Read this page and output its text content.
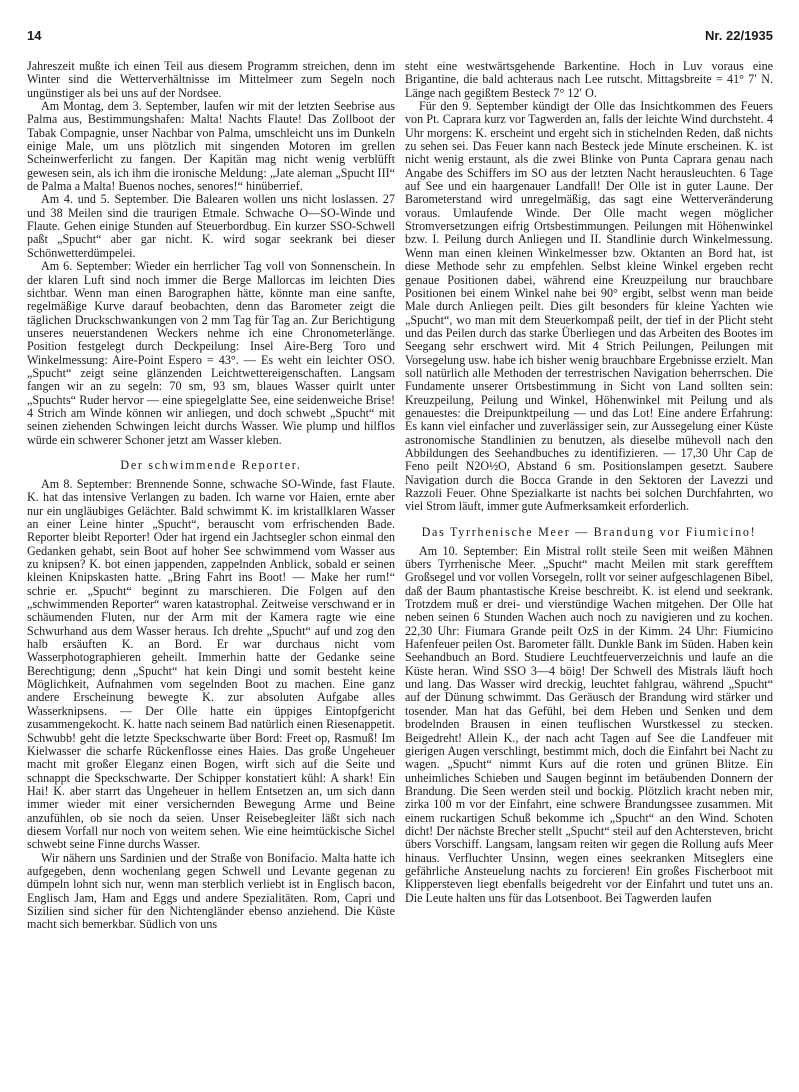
14	Nr. 22/1935

Jahreszeit mußte ich einen Teil aus diesem Programm streichen, denn im Winter sind die Wetterverhältnisse im Mittelmeer zum Segeln noch ungünstiger als bei uns auf der Nordsee.

Am Montag, dem 3. September, laufen wir mit der letzten Seebrise aus Palma aus, Bestimmungshafen: Malta! Nachts Flaute! Das Zollboot der Tabak Compagnie, unser Nachbar von Palma, umschleicht uns im Dunkeln einige Male, um uns plötzlich mit singenden Motoren im grellen Scheinwerferlicht zu fangen. Der Kapitän mag nicht wenig verblüfft gewesen sein, als ich ihm die ironische Meldung: „Jate aleman „Spucht III“ de Palma a Malta! Buenos noches, senores!“ hinüberrief.

Am 4. und 5. September. Die Balearen wollen uns nicht loslassen. 27 und 38 Meilen sind die traurigen Etmale. Schwache O—SO-Winde und Flaute. Gehen einige Stunden auf Steuerbordbug. Ein kurzer SSO-Schwell paßt „Spucht“ aber gar nicht. K. wird sogar seekrank bei dieser Schönwetterdümpelei.

Am 6. September: Wieder ein herrlicher Tag voll von Sonnenschein. In der klaren Luft sind noch immer die Berge Mallorcas im leichten Dies sichtbar. Wenn man einen Barographen hätte, könnte man eine sanfte, regelmäßige Kurve darauf beobachten, denn das Barometer zeigt die täglichen Druckschwankungen von 2 mm Tag für Tag an. Zur Berichtigung unseres neuerstandenen Weckers nehme ich eine Chronometerlänge. Position festgelegt durch Deckpeilung: Insel Aire-Berg Toro und Winkelmessung: Aire-Point Espero = 43°. — Es weht ein leichter OSO. „Spucht“ zeigt seine glänzenden Leichtwettereigenschaften. Langsam fangen wir an zu segeln: 70 sm, 93 sm, blaues Wasser quirlt unter „Spuchts“ Ruder hervor — eine spiegelglatte See, eine seidenweiche Brise! 4 Strich am Winde können wir anliegen, und doch schwebt „Spucht“ mit seinen ziehenden Schwingen leicht durchs Wasser. Wie plump und hilflos würde ein schwerer Schoner jetzt am Wasser kleben.

Der schwimmende Reporter.

Am 8. September: Brennende Sonne, schwache SO-Winde, fast Flaute. K. hat das intensive Verlangen zu baden. Ich warne vor Haien, ernte aber nur ein ungläubiges Gelächter. Bald schwimmt K. im kristallklaren Wasser an einer Leine hinter „Spucht“, berauscht vom erfrischenden Bade. Reporter bleibt Reporter! Oder hat irgend ein Jachtsegler schon einmal den Gedanken gehabt, sein Boot auf hoher See schwimmend vom Wasser aus zu knipsen? K. bot einen jappenden, zappelnden Anblick, sobald er seinen kleinen Knipskasten hatte. „Bring Fahrt ins Boot! — Make her rum!“ schrie er. „Spucht“ beginnt zu marschieren. Die Folgen auf den „schwimmenden Reporter“ waren katastrophal. Zeitweise verschwand er in schäumenden Fluten, nur der Arm mit der Kamera ragte wie eine Schwurhand aus dem Wasser heraus. Ich drehte „Spucht“ auf und zog den halb ersäuften K. an Bord. Er war durchaus nicht vom Wasserphotographieren geheilt. Immerhin hatte der Gedanke seine Berechtigung; denn „Spucht“ hat kein Dingi und somit besteht keine Möglichkeit, Aufnahmen vom segelnden Boot zu machen. Eine ganz andere Erscheinung bewegte K. zur absoluten Aufgabe alles Wasserknipsens. — Der Olle hatte ein üppiges Eintopfgericht zusammengekocht. K. hatte nach seinem Bad natürlich einen Riesenappetit. Schwubb! geht die letzte Speckschwarte über Bord: Freet op, Rasmuß! Im Kielwasser die scharfe Rückenflosse eines Haies. Das große Ungeheuer macht mit großer Eleganz einen Bogen, wirft sich auf die Seite und schnappt die Speckschwarte. Der Schipper konstatiert kühl: A shark! Ein Hai! K. aber starrt das Ungeheuer in hellem Entsetzen an, um sich dann immer wieder mit einer versichernden Bewegung Arme und Beine anzufühlen, ob sie noch da seien. Unser Reisebegleiter läßt sich nach diesem Vorfall nur noch von weitem sehen. Wie eine heimtückische Sichel schwebt seine Finne durchs Wasser.

Wir nähern uns Sardinien und der Straße von Bonifacio. Malta hatte ich aufgegeben, denn wochenlang gegen Schwell und Levante gegenan zu dümpeln lohnt sich nur, wenn man sterblich verliebt ist in Englisch bacon, Englisch Jam, Ham and Eggs und andere Spezialitäten. Rom, Capri und Sizilien sind sicher für den Nichtengländer ebenso anziehend. Die Küste macht sich bemerkbar. Südlich von uns

steht eine westwärtsgehende Barkentine. Hoch in Luv voraus eine Brigantine, die bald achteraus nach Lee rutscht. Mittagsbreite = 41° 7′ N. Länge nach gegißtem Besteck 7° 12′ O.

Für den 9. September kündigt der Olle das Insichtkommen des Feuers von Pt. Caprara kurz vor Tagwerden an, falls der leichte Wind durchsteht. 4 Uhr morgens: K. erscheint und ergeht sich in stichelnden Reden, daß nichts zu sehen sei. Das Feuer kann nach Besteck jede Minute erscheinen. K. ist nicht wenig erstaunt, als die zwei Blinke von Punta Caprara genau nach Angabe des Schiffers im SO aus der letzten Nacht herausleuchten. 6 Tage auf See und ein haargenauer Landfall! Der Olle ist in guter Laune. Der Barometerstand wird unregelmäßig, das sagt eine Wetterveränderung voraus. Umlaufende Winde. Der Olle macht wegen möglicher Stromversetzungen eifrig Ortsbestimmungen. Peilungen mit Höhenwinkel bzw. I. Peilung durch Anliegen und II. Standlinie durch Winkelmessung. Wenn man einen kleinen Winkelmesser bzw. Oktanten an Bord hat, ist diese Methode sehr zu empfehlen. Selbst kleine Winkel ergeben recht genaue Positionen dabei, während eine Kreuzpeilung nur brauchbare Positionen bei einem Winkel nahe bei 90° ergibt, selbst wenn man beide Male durch Anliegen peilt. Dies gilt besonders für kleine Yachten wie „Spucht“, wo man mit dem Steuerkompaß peilt, der tief in der Plicht steht und das Peilen durch das starke Überliegen und das Arbeiten des Bootes im Seegang sehr erschwert wird. Mit 4 Strich Peilungen, Peilungen mit Vorsegelung usw. habe ich bisher wenig brauchbare Ergebnisse erzielt. Man soll natürlich alle Methoden der terrestrischen Navigation beherrschen. Die Fundamente unserer Ortsbestimmung in Sicht von Land sollten sein: Kreuzpeilung, Peilung und Winkel, Höhenwinkel mit Peilung und als genauestes: die Dreipunktpeilung — und das Lot! Eine andere Erfahrung: Es kann viel einfacher und zuverlässiger sein, zur Aussegelung einer Küste astronomische Standlinien zu benutzen, als dieselbe mühevoll nach den Abbildungen des Seehandbuches zu identifizieren. — 17,30 Uhr Cap de Feno peilt N2O½O, Abstand 6 sm. Positionslampen gesetzt. Saubere Navigation durch die Bocca Grande in den Sektoren der Lavezzi und Razzoli Feuer. Ohne Spezialkarte ist nachts bei solchen Durchfahrten, wo viel Strom läuft, immer gute Aufmerksamkeit erforderlich.

Das Tyrrhenische Meer — Brandung vor Fiumicino!

Am 10. September: Ein Mistral rollt steile Seen mit weißen Mähnen übers Tyrrhenische Meer. „Spucht“ macht Meilen mit stark gerefftem Großsegel und vor vollen Vorsegeln, rollt vor seiner aufgeschlagenen Bibel, daß der Baum phantastische Kreise beschreibt. K. ist elend und seekrank. Trotzdem muß er drei- und vierstündige Wachen mitgehen. Der Olle hat neben seinen 6 Stunden Wachen auch noch zu navigieren und zu kochen. 22,30 Uhr: Fiumara Grande peilt OzS in der Kimm. 24 Uhr: Fiumicino Hafenfeuer peilen Ost. Barometer fällt. Dunkle Bank im Süden. Haben kein Seehandbuch an Bord. Studiere Leuchtfeuerverzeichnis und laufe an die Küste heran. Wind SSO 3—4 böig! Der Schwell des Mistrals läuft hoch und lang. Das Wasser wird dreckig, leuchtet fahlgrau, während „Spucht“ auf der Dünung schwimmt. Das Geräusch der Brandung wird stärker und tosender. Man hat das Gefühl, bei dem Heben und Senken und dem brodelnden Brausen in einen teuflischen Wurstkessel zu stecken. Beigedreht! Allein K., der nach acht Tagen auf See die Landfeuer mit gierigen Augen verschlingt, bestimmt mich, doch die Einfahrt bei Nacht zu wagen. „Spucht“ nimmt Kurs auf die roten und grünen Blitze. Ein unheimliches Schieben und Saugen beginnt im betäubenden Donnern der Brandung. Die Seen werden steil und bockig. Plötzlich kracht neben mir, zirka 100 m vor der Einfahrt, eine schwere Brandungssee zusammen. Mit einem ruckartigen Schuß bekomme ich „Spucht“ an den Wind. Schoten dicht! Der nächste Brecher stellt „Spucht“ steil auf den Achtersteven, bricht übers Vorschiff. Langsam, langsam reiten wir gegen die Rollung aufs Meer hinaus. Verfluchter Unsinn, wegen eines seekranken Mitseglers eine gefährliche Ansteuelung nachts zu forcieren! Ein großes Fischerboot mit Klippersteven liegt ebenfalls beigedreht vor der Einfahrt und tutet uns an. Die Leute halten uns für das Lotsenboot. Bei Tagwerden laufen
